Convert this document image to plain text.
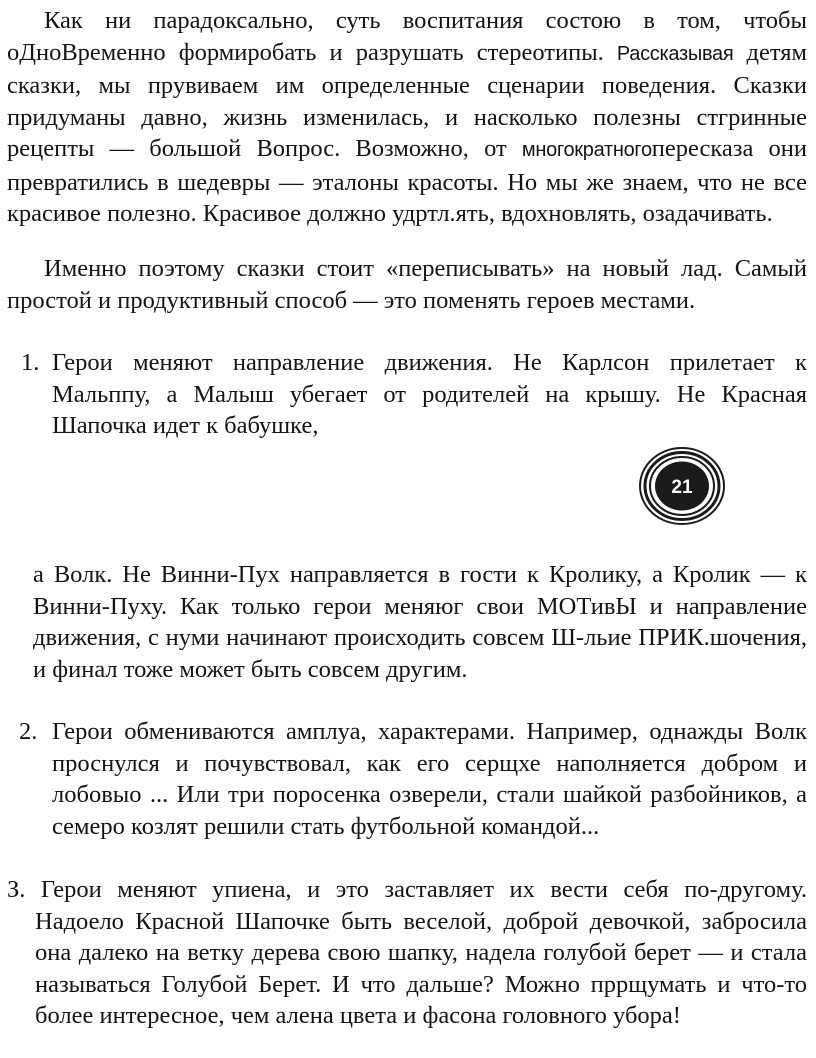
Как ни парадоксально, суть воспитания состою в том, чтобы оДноВременно формиробать и разрушать стереотипы. Рассказывая детям сказки, мы прувиваем им определенные сценарии поведения. Сказки придуманы давно, жизнь изменилась, и насколько полезны стгринные рецепты — большой Вопрос. Возможно, от многократногопересказа они превратились в шедевры — эталоны красоты. Но мы же знаем, что не все красивое полезно. Красивое должно удртл.ять, вдохновлять, озадачивать.

Именно поэтому сказки стоит «переписывать» на новый лад. Самый простой и продуктивный способ — это поменять героев местами.

1. Герои меняют направление движения. Не Карлсон прилетает к Мальппу, а Малыш убегает от родителей на крышу. Не Красная Шапочка идет к бабушке,
21

а Волк. Не Винни-Пух направляется в гости к Кролику, а Кролик — к Винни-Пуху. Как только герои меняюг свои МОТивЫ и направление движения, с нуми начинают происходить совсем Ш-льие ПРИК.шочения, и финал тоже может быть совсем другим.

2. Герои обмениваются амплуа, характерами. Например, однажды Волк проснулся и почувствовал, как его серщхе наполняется добром и лобовыо ... Или три поросенка озверели, стали шайкой разбойников, а семеро козлят решили стать футбольной командой...

З. Герои меняют упиена, и это заставляет их вести себя по-другому. Надоело Красной Шапочке быть веселой, доброй девочкой, забросила она далеко на ветку дерева свою шапку, надела голубой берет — и стала называться Голубой Берет. И что дальше? Можно пррщумать и что-то более интересное, чем алена цвета и фасона головного убора!
